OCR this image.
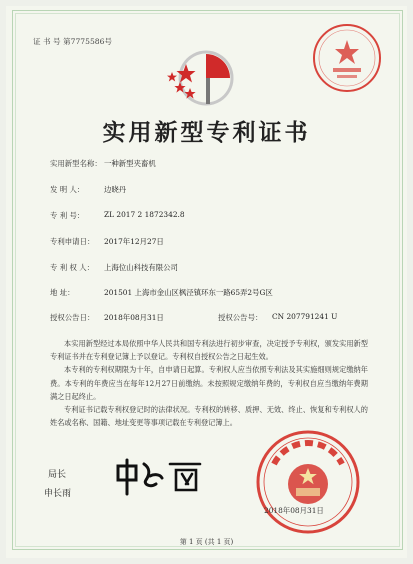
证 书 号 第7775586号
实用新型专利证书
实用新型名称： 一种新型夹畜机
发 明 人：	边晓丹
专 利 号：	ZL 2017 2 1872342.8
专利申请日： 2017年12月27日
专 利 权 人： 上海位山科技有限公司
地 址：	201501 上海市金山区枫泾镇环东一路65弄2号G区
授权公告日： 2018年08月31日	授权公告号： CN 207791241 U

本实用新型经过本局依照中华人民共和国专利法进行初步审查，决定授予专利权，颁发实用新型专利证书并在专利登记簿上予以登记。专利权自授权公告之日起生效。

本专利的专利权期限为十年，自申请日起算。专利权人应当依照专利法及其实施细则规定缴纳年费。本专利的年费应当在每年12月27日前缴纳。未按照规定缴纳年费的，专利权自应当缴纳年费期满之日起终止。

专利证书记载专利权登记时的法律状况。专利权的转移、质押、无效、终止、恢复和专利权人的姓名或名称、国籍、地址变更等事项记载在专利登记簿上。

局长
申长雨
2018年08月31日
第 1 页 (共 1 页)
